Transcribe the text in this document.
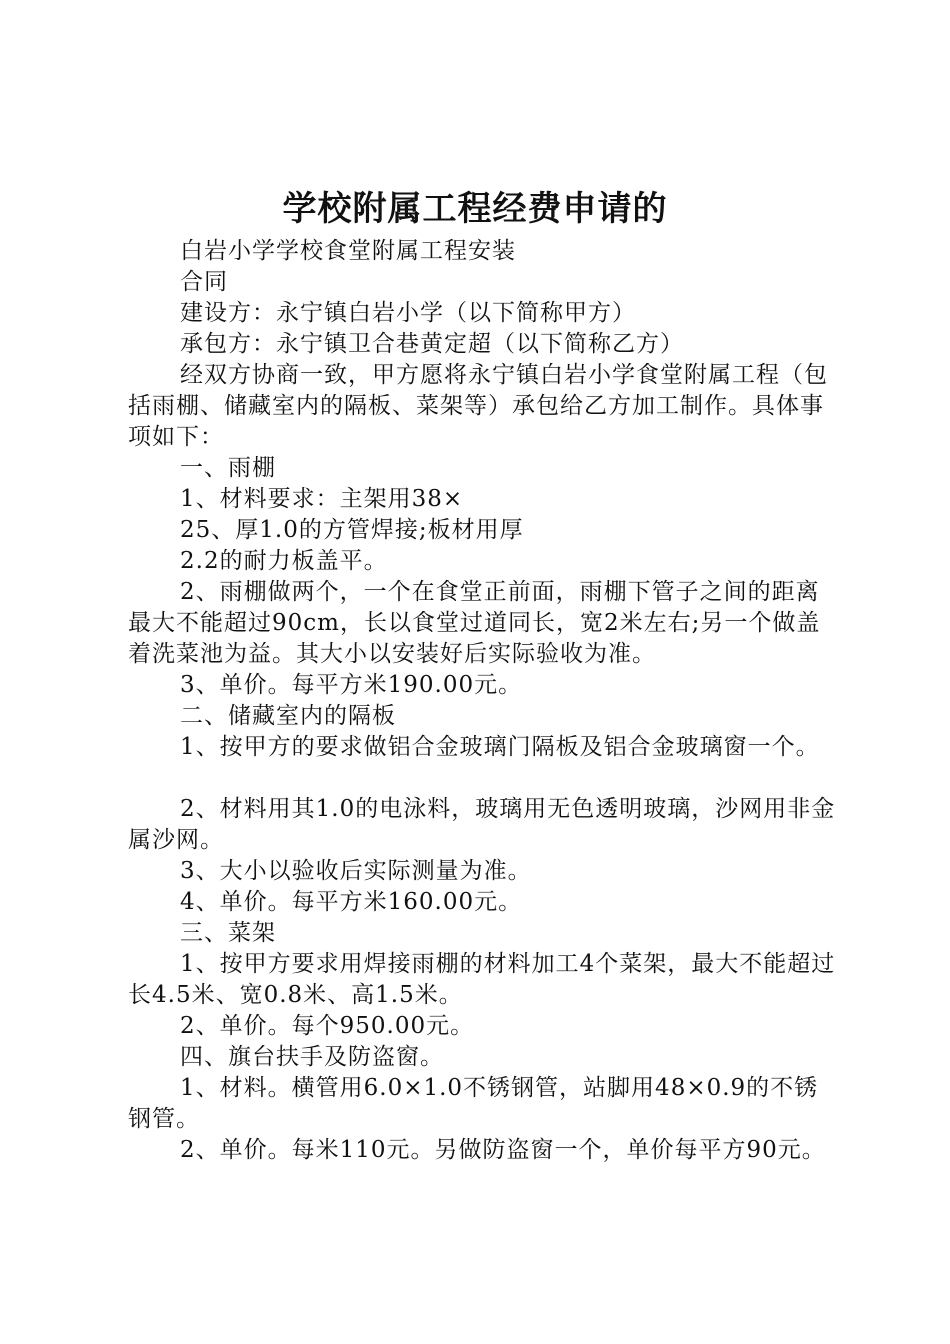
学校附属工程经费申请的

白岩小学学校食堂附属工程安装

合同

建设方：永宁镇白岩小学（以下简称甲方）

承包方：永宁镇卫合巷黄定超（以下简称乙方）

经双方协商一致，甲方愿将永宁镇白岩小学食堂附属工程（包括雨棚、储藏室内的隔板、菜架等）承包给乙方加工制作。具体事项如下：

一、雨棚

1、材料要求：主架用38×

25、厚1.0的方管焊接;板材用厚

2.2的耐力板盖平。

2、雨棚做两个，一个在食堂正前面，雨棚下管子之间的距离最大不能超过90cm，长以食堂过道同长，宽2米左右;另一个做盖着洗菜池为益。其大小以安装好后实际验收为准。

3、单价。每平方米190.00元。

二、储藏室内的隔板

1、按甲方的要求做铝合金玻璃门隔板及铝合金玻璃窗一个。

2、材料用其1.0的电泳料，玻璃用无色透明玻璃，沙网用非金属沙网。

3、大小以验收后实际测量为准。

4、单价。每平方米160.00元。

三、菜架

1、按甲方要求用焊接雨棚的材料加工4个菜架，最大不能超过长4.5米、宽0.8米、高1.5米。

2、单价。每个950.00元。

四、旗台扶手及防盗窗。

1、材料。横管用6.0×1.0不锈钢管，站脚用48×0.9的不锈钢管。

2、单价。每米110元。另做防盗窗一个，单价每平方90元。
